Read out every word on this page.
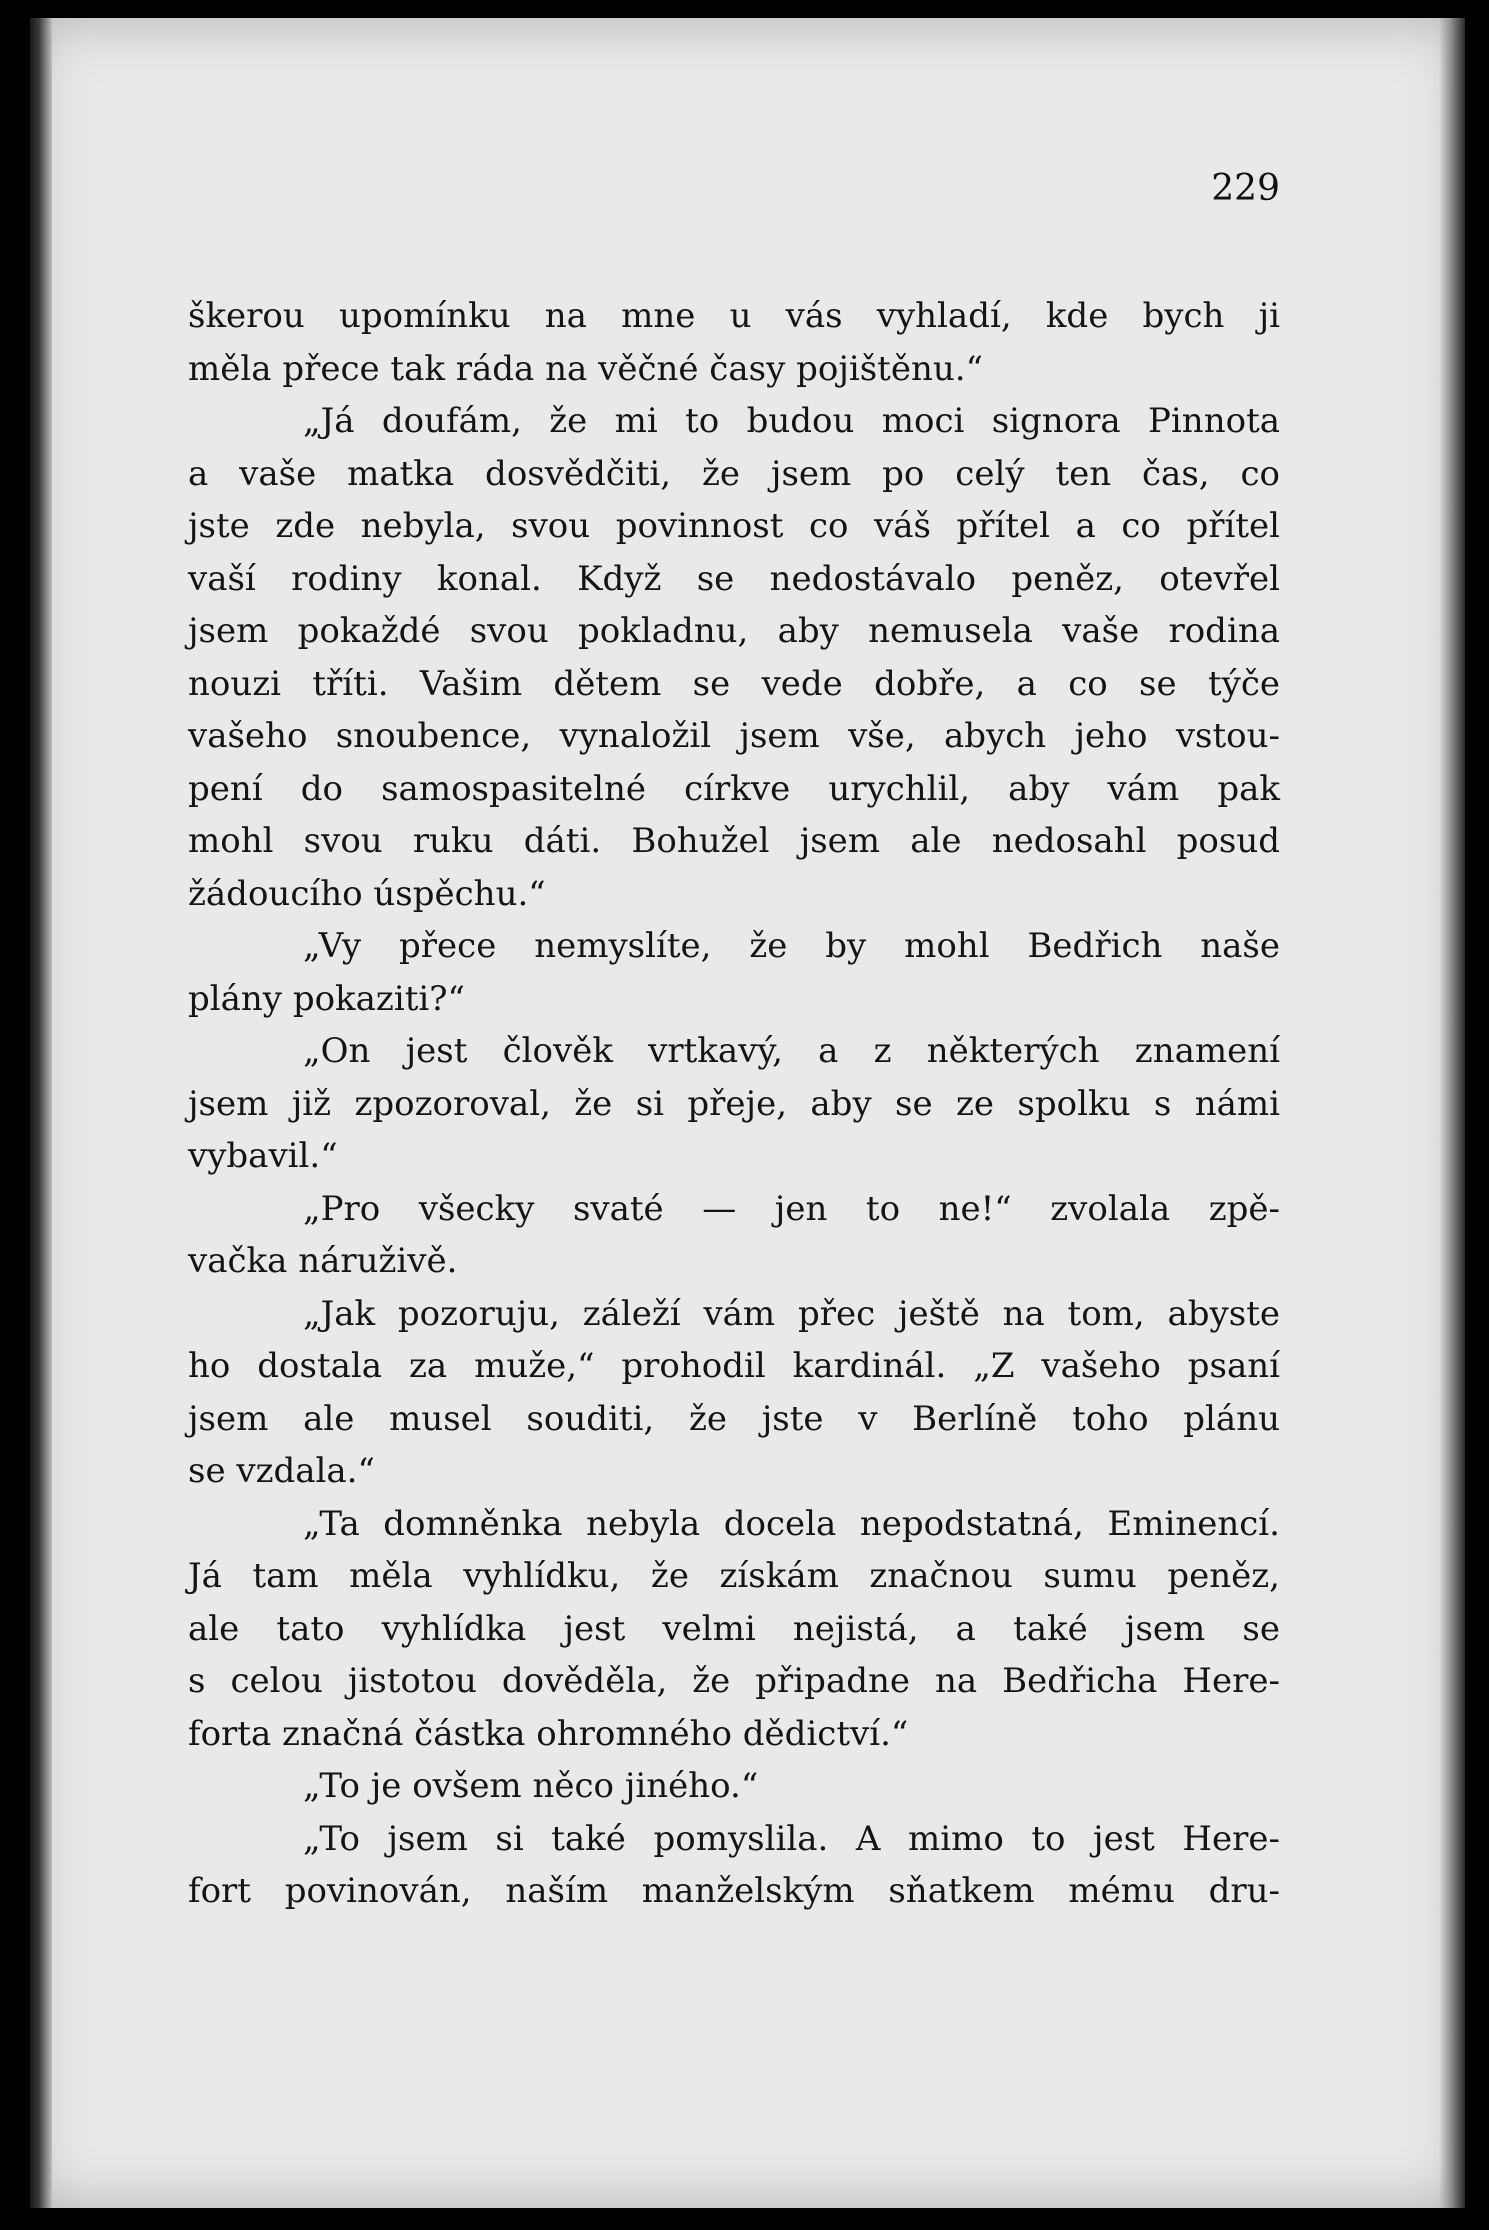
229
škerou upomínku na mne u vás vyhladí, kde bych ji
měla přece tak ráda na věčné časy pojištěnu.“
„Já doufám, že mi to budou moci signora Pinnota
a vaše matka dosvědčiti, že jsem po celý ten čas, co
jste zde nebyla, svou povinnost co váš přítel a co přítel
vaší rodiny konal. Když se nedostávalo peněz, otevřel
jsem pokaždé svou pokladnu, aby nemusela vaše rodina
nouzi tříti. Vašim dětem se vede dobře, a co se týče
vašeho snoubence, vynaložil jsem vše, abych jeho vstou-
pení do samospasitelné církve urychlil, aby vám pak
mohl svou ruku dáti. Bohužel jsem ale nedosahl posud
žádoucího úspěchu.“
„Vy přece nemyslíte, že by mohl Bedřich naše
plány pokaziti?“
„On jest člověk vrtkavý, a z některých znamení
jsem již zpozoroval, že si přeje, aby se ze spolku s námi
vybavil.“
„Pro všecky svaté — jen to ne!“ zvolala zpě-
vačka náruživě.
„Jak pozoruju, záleží vám přec ještě na tom, abyste
ho dostala za muže,“ prohodil kardinál. „Z vašeho psaní
jsem ale musel souditi, že jste v Berlíně toho plánu
se vzdala.“
„Ta domněnka nebyla docela nepodstatná, Eminencí.
Já tam měla vyhlídku, že získám značnou sumu peněz,
ale tato vyhlídka jest velmi nejistá, a také jsem se
s celou jistotou dověděla, že připadne na Bedřicha Here-
forta značná částka ohromného dědictví.“
„To je ovšem něco jiného.“
„To jsem si také pomyslila. A mimo to jest Here-
fort povinován, naším manželským sňatkem mému dru-
